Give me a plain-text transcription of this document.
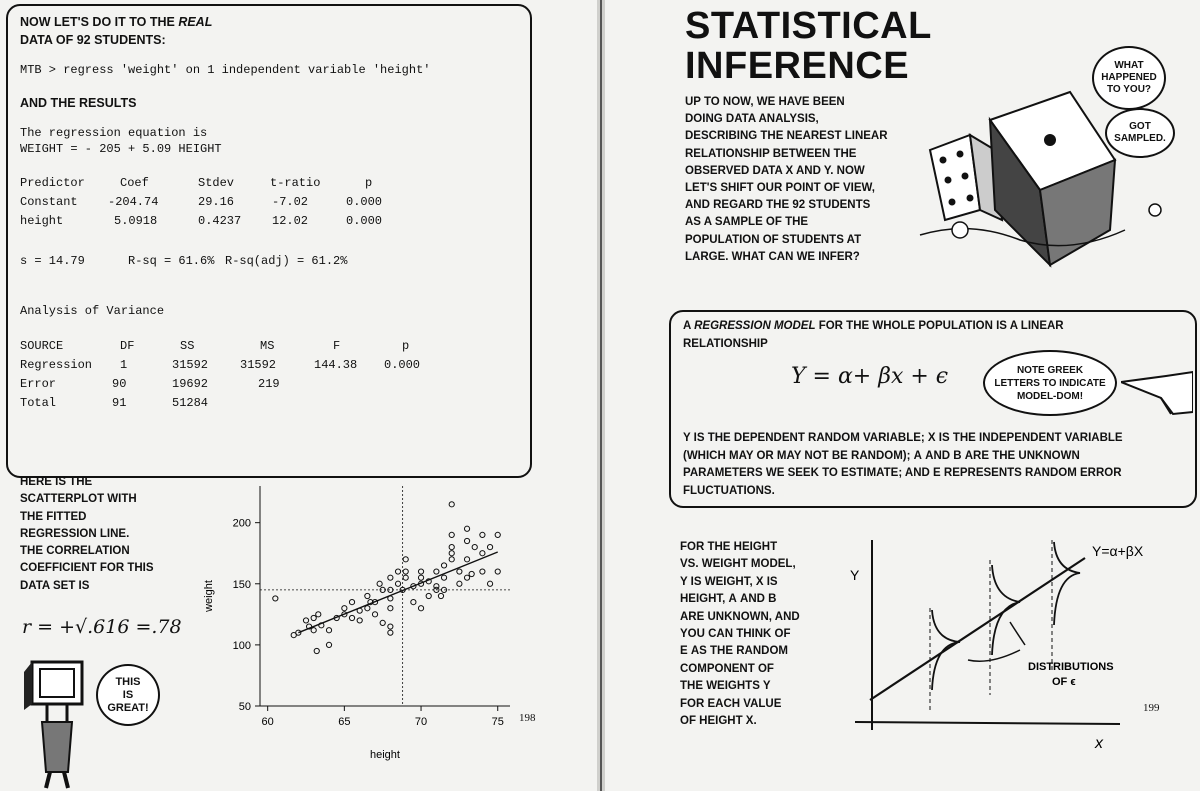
NOW LET'S DO IT TO THE REAL
DATA OF 92 STUDENTS:
MTB > regress 'weight' on 1 independent variable 'height'
AND THE RESULTS
The regression equation is
WEIGHT = - 205 + 5.09 HEIGHT
Predictor	Coef	Stdev	t-ratio	p
Constant	-204.74	29.16	-7.02	0.000
height	5.0918	0.4237	12.02	0.000
s = 14.79	R-sq = 61.6% R-sq(adj) = 61.2%
Analysis of Variance
SOURCE	DF	SS	MS	F	p
Regression 1	31592	31592	144.38 0.000
Error	90	19692	219
Total	91	51284
HERE IS THE
SCATTERPLOT WITH
THE FITTED
REGRESSION LINE.
THE CORRELATION
COEFFICIENT FOR THIS
DATA SET IS
r = +√.616 =.78
THIS
IS
GREAT!
60	65	70	75
50
100
150
200
height
weight
198
STATISTICAL
INFERENCE
UP TO NOW, WE HAVE BEEN
DOING DATA ANALYSIS,
DESCRIBING THE NEAREST LINEAR
RELATIONSHIP BETWEEN THE
OBSERVED DATA X AND Y. NOW
LET'S SHIFT OUR POINT OF VIEW,
AND REGARD THE 92 STUDENTS
AS A SAMPLE OF THE
POPULATION OF STUDENTS AT
LARGE. WHAT CAN WE INFER?
WHAT
HAPPENED
TO YOU?
GOT
SAMPLED.
A REGRESSION MODEL FOR THE WHOLE POPULATION IS A LINEAR
RELATIONSHIP
Y = α+ βx + ϵ	NOTE GREEK
LETTERS TO INDICATE
MODEL-DOM!
Y IS THE DEPENDENT RANDOM VARIABLE; X IS THE INDEPENDENT VARIABLE
(WHICH MAY OR MAY NOT BE RANDOM); Α AND Β ARE THE UNKNOWN
PARAMETERS WE SEEK TO ESTIMATE; AND Ε REPRESENTS RANDOM ERROR
FLUCTUATIONS.
FOR THE HEIGHT
VS. WEIGHT MODEL,
Y IS WEIGHT, X IS
HEIGHT, Α AND Β
ARE UNKNOWN, AND
YOU CAN THINK OF
Ε AS THE RANDOM
COMPONENT OF
THE WEIGHTS Y
FOR EACH VALUE
OF HEIGHT X.
Y=α+βX
Y
x
DISTRIBUTIONS
OF ϵ
199
